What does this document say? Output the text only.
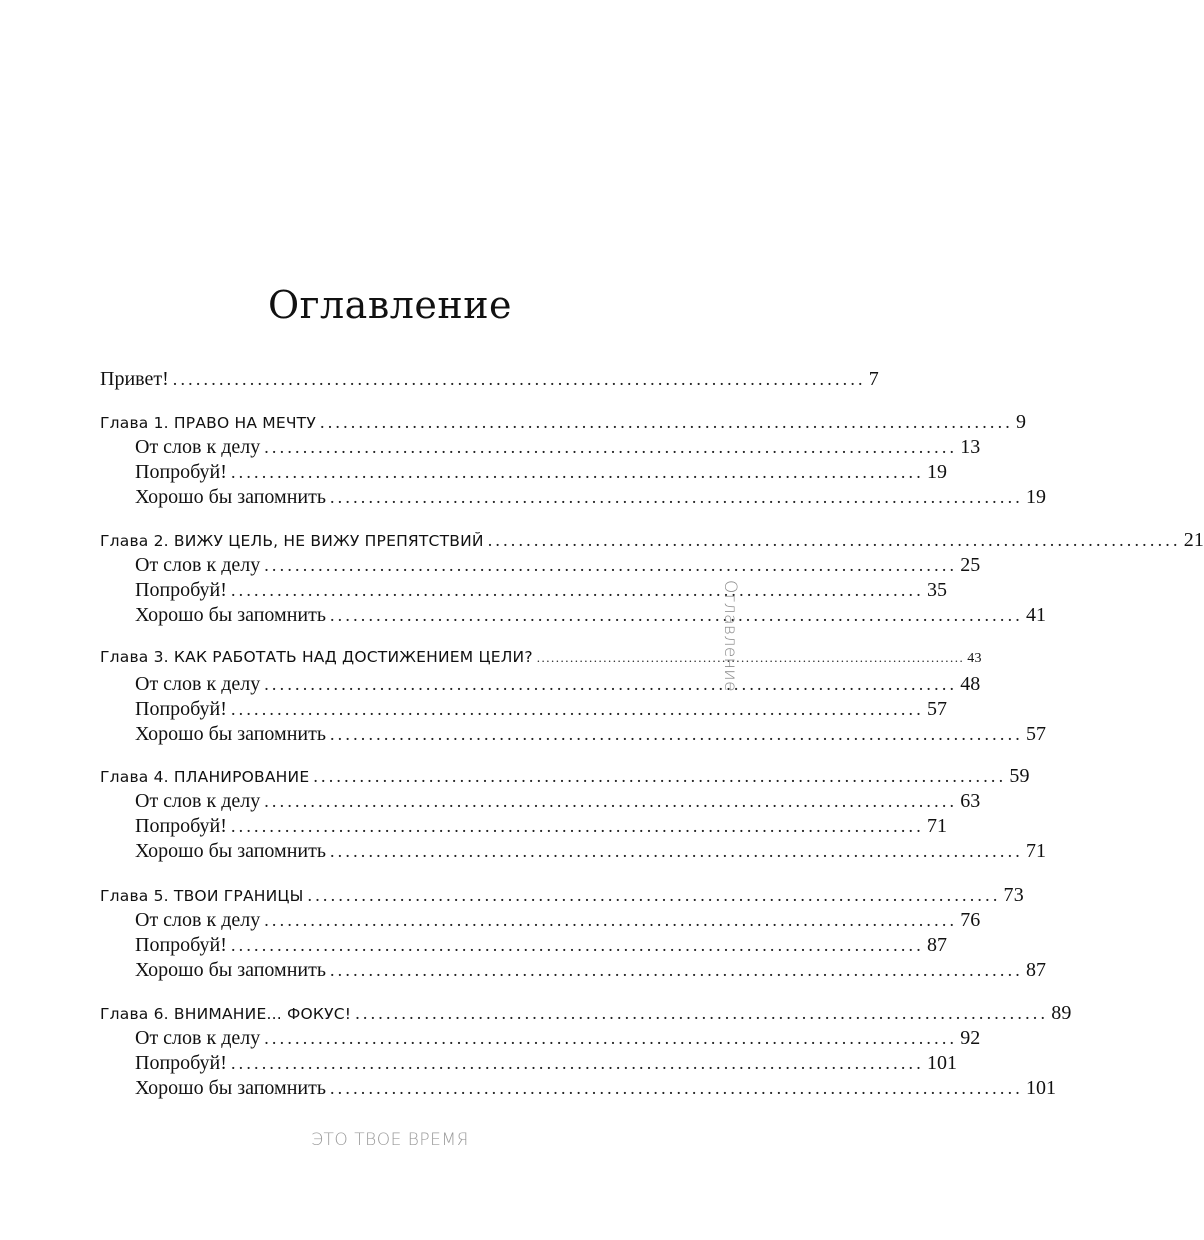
Оглавление
Привет! .......................................................................................... 7
Глава 1. ПРАВО НА МЕЧТУ .......................................................................................... 9
От слов к делу .......................................................................................... 13
Попробуй! .......................................................................................... 19
Хорошо бы запомнить .......................................................................................... 19
Глава 2. ВИЖУ ЦЕЛЬ, НЕ ВИЖУ ПРЕПЯТСТВИЙ .......................................................................................... 21
От слов к делу .......................................................................................... 25
Попробуй! .......................................................................................... 35
Хорошо бы запомнить .......................................................................................... 41
Глава 3. КАК РАБОТАТЬ НАД ДОСТИЖЕНИЕМ ЦЕЛИ? .......................................................................................... 43
От слов к делу .......................................................................................... 48
Попробуй! .......................................................................................... 57
Хорошо бы запомнить .......................................................................................... 57
Глава 4. ПЛАНИРОВАНИЕ .......................................................................................... 59
От слов к делу .......................................................................................... 63
Попробуй! .......................................................................................... 71
Хорошо бы запомнить .......................................................................................... 71
Глава 5. ТВОИ ГРАНИЦЫ .......................................................................................... 73
От слов к делу .......................................................................................... 76
Попробуй! .......................................................................................... 87
Хорошо бы запомнить .......................................................................................... 87
Глава 6. ВНИМАНИЕ... ФОКУС! .......................................................................................... 89
От слов к делу .......................................................................................... 92
Попробуй! .......................................................................................... 101
Хорошо бы запомнить .......................................................................................... 101
Оглавление
ЭТО ТВОЕ ВРЕМЯ
